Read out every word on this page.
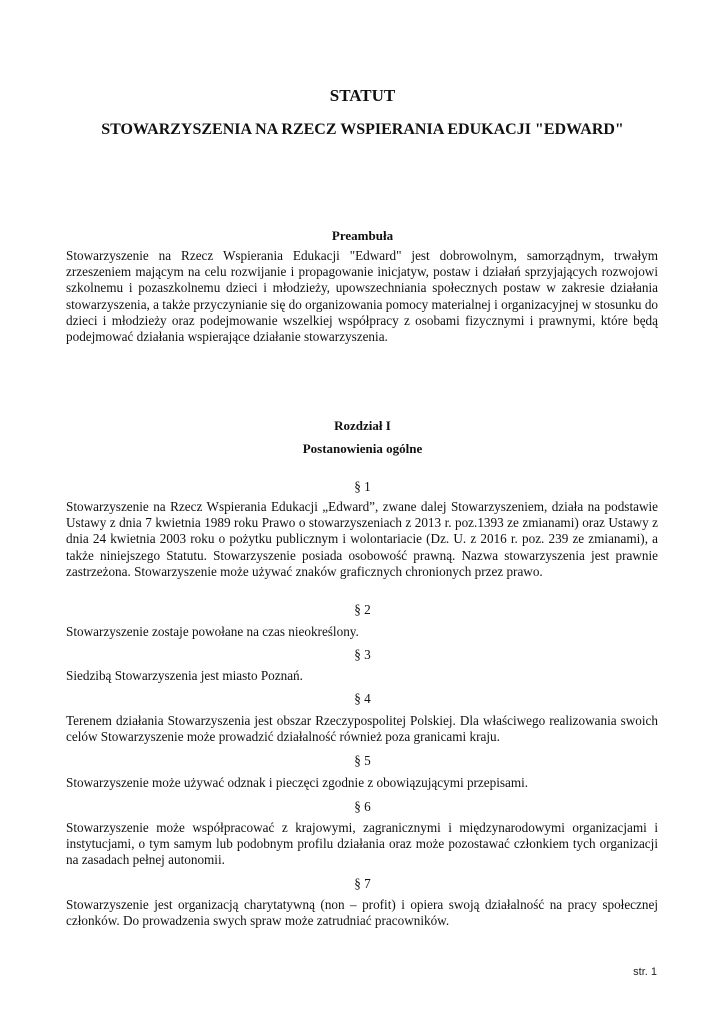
STATUT
STOWARZYSZENIA NA RZECZ WSPIERANIA EDUKACJI "EDWARD"
Preambuła

Stowarzyszenie na Rzecz Wspierania Edukacji "Edward" jest dobrowolnym, samorządnym, trwałym zrzeszeniem mającym na celu rozwijanie i propagowanie inicjatyw, postaw i działań sprzyjających rozwojowi szkolnemu i pozaszkolnemu dzieci i młodzieży, upowszechniania społecznych postaw w zakresie działania stowarzyszenia, a także przyczynianie się do organizowania pomocy materialnej i organizacyjnej w stosunku do dzieci i młodzieży oraz podejmowanie wszelkiej współpracy z osobami fizycznymi i prawnymi, które będą podejmować działania wspierające działanie stowarzyszenia.

Rozdział I
Postanowienia ogólne

§ 1

Stowarzyszenie na Rzecz Wspierania Edukacji „Edward”, zwane dalej Stowarzyszeniem, działa na podstawie Ustawy z dnia 7 kwietnia 1989 roku Prawo o stowarzyszeniach z 2013 r. poz.1393 ze zmianami) oraz Ustawy z dnia 24 kwietnia 2003 roku o pożytku publicznym i wolontariacie (Dz. U. z 2016 r. poz. 239 ze zmianami), a także niniejszego Statutu. Stowarzyszenie posiada osobowość prawną. Nazwa stowarzyszenia jest prawnie zastrzeżona. Stowarzyszenie może używać znaków graficznych chronionych przez prawo.

§ 2

Stowarzyszenie zostaje powołane na czas nieokreślony.

§ 3

Siedzibą Stowarzyszenia jest miasto Poznań.

§ 4

Terenem działania Stowarzyszenia jest obszar Rzeczypospolitej Polskiej. Dla właściwego realizowania swoich celów Stowarzyszenie może prowadzić działalność również poza granicami kraju.

§ 5

Stowarzyszenie może używać odznak i pieczęci zgodnie z obowiązującymi przepisami.

§ 6

Stowarzyszenie może współpracować z krajowymi, zagranicznymi i międzynarodowymi organizacjami i instytucjami, o tym samym lub podobnym profilu działania oraz może pozostawać członkiem tych organizacji na zasadach pełnej autonomii.

§ 7

Stowarzyszenie jest organizacją charytatywną (non – profit) i opiera swoją działalność na pracy społecznej członków. Do prowadzenia swych spraw może zatrudniać pracowników.

str. 1
